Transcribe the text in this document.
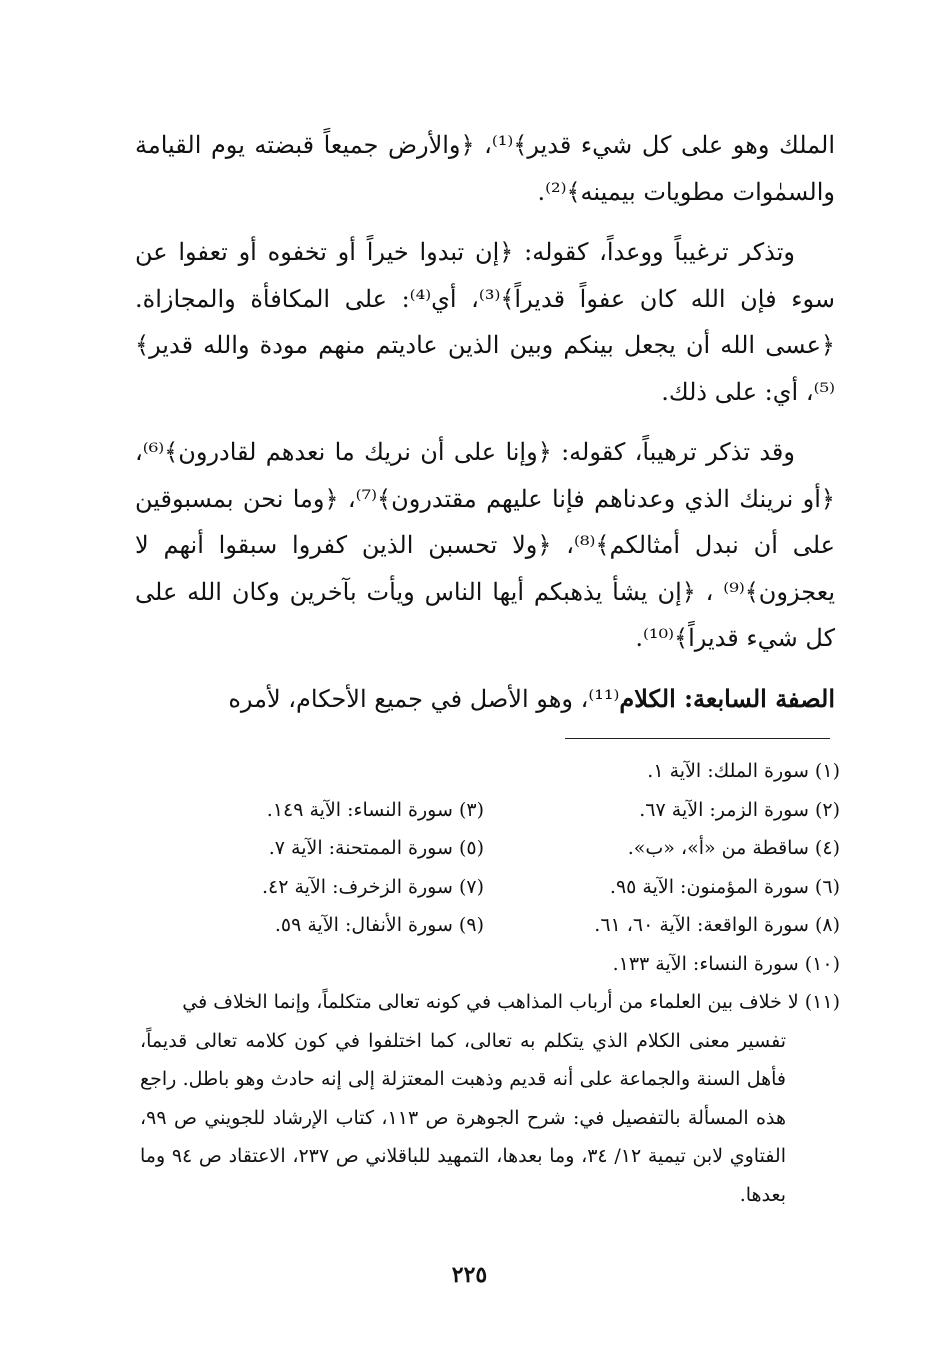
الملك وهو على كل شيء قدير﴾⁽¹⁾، ﴿والأرض جميعاً قبضته يوم القيامة والسمٰوات مطويات بيمينه﴾⁽²⁾.

وتذكر ترغيباً ووعداً، كقوله: ﴿إن تبدوا خيراً أو تخفوه أو تعفوا عن سوء فإن الله كان عفواً قديراً﴾⁽³⁾، أي⁽⁴⁾: على المكافأة والمجازاة. ﴿عسى الله أن يجعل بينكم وبين الذين عاديتم منهم مودة والله قدير﴾⁽⁵⁾، أي: على ذلك.

وقد تذكر ترهيباً، كقوله: ﴿وإنا على أن نريك ما نعدهم لقادرون﴾⁽⁶⁾، ﴿أو نرينك الذي وعدناهم فإنا عليهم مقتدرون﴾⁽⁷⁾، ﴿وما نحن بمسبوقين على أن نبدل أمثالكم﴾⁽⁸⁾، ﴿ولا تحسبن الذين كفروا سبقوا أنهم لا يعجزون﴾⁽⁹⁾ ، ﴿إن يشأ يذهبكم أيها الناس ويأت بآخرين وكان الله على كل شيء قديراً﴾⁽¹⁰⁾.

الصفة السابعة: الكلام⁽¹¹⁾، وهو الأصل في جميع الأحكام، لأمره

(١) سورة الملك: الآية ١.
(٢) سورة الزمر: الآية ٦٧.
(٣) سورة النساء: الآية ١٤٩.
(٤) ساقطة من «أ»، «ب».
(٥) سورة الممتحنة: الآية ٧.
(٦) سورة المؤمنون: الآية ٩٥.
(٧) سورة الزخرف: الآية ٤٢.
(٨) سورة الواقعة: الآية ٦٠، ٦١.
(٩) سورة الأنفال: الآية ٥٩.
(١٠) سورة النساء: الآية ١٣٣.

(١١) لا خلاف بين العلماء من أرباب المذاهب في كونه تعالى متكلماً، وإنما الخلاف في
تفسير معنى الكلام الذي يتكلم به تعالى، كما اختلفوا في كون كلامه تعالى قديماً، فأهل السنة والجماعة على أنه قديم وذهبت المعتزلة إلى إنه حادث وهو باطل. راجع هذه المسألة بالتفصيل في: شرح الجوهرة ص ١١٣، كتاب الإرشاد للجويني ص ٩٩، الفتاوي لابن تيمية ١٢/ ٣٤، وما بعدها، التمهيد للباقلاني ص ٢٣٧، الاعتقاد ص ٩٤ وما بعدها.

٢٢٥
